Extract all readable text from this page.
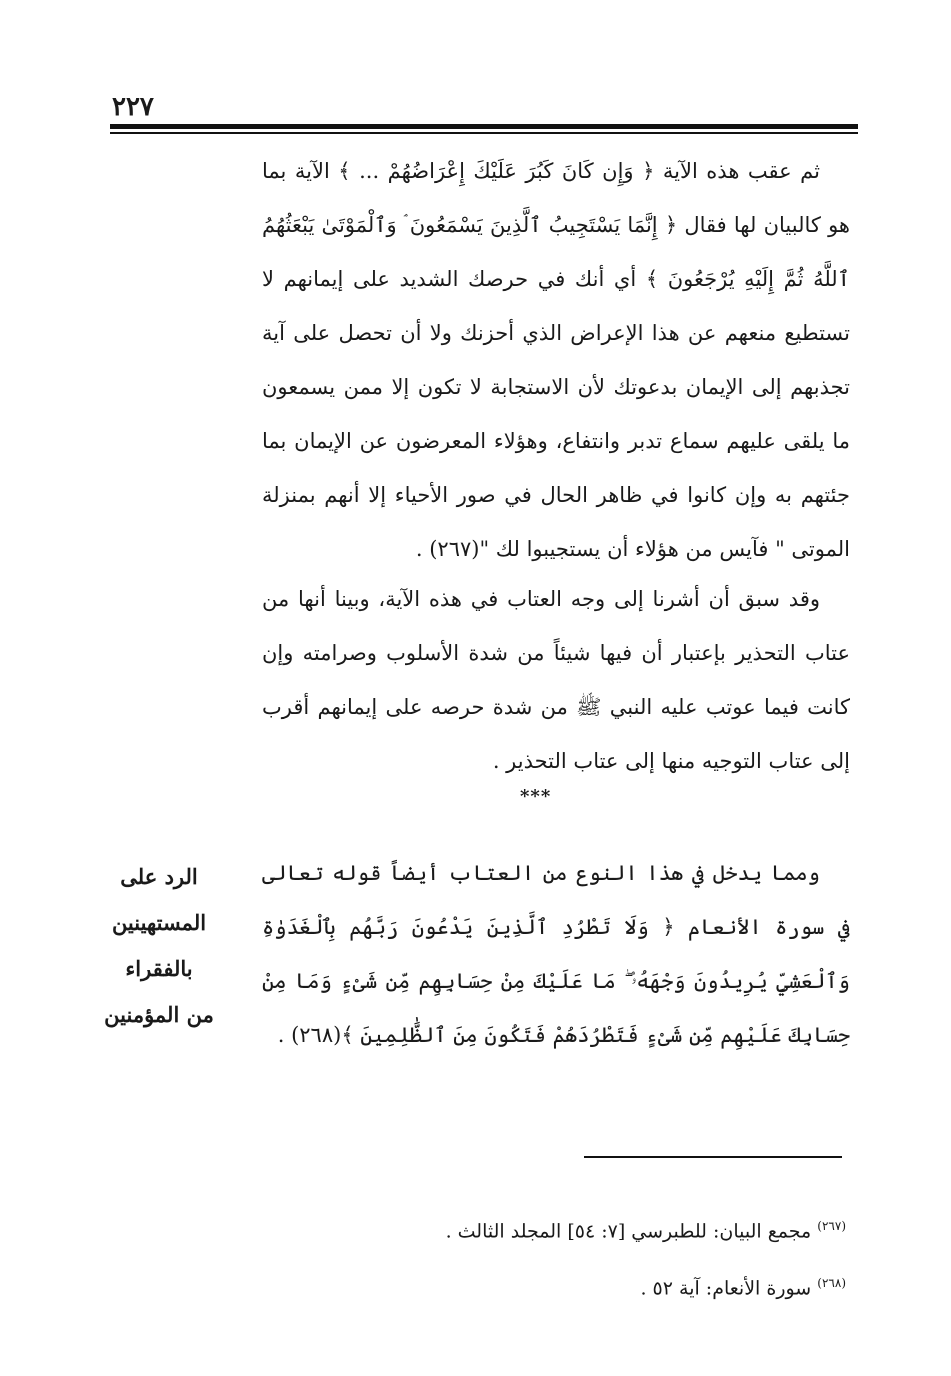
٢٢٧

ثم عقب هذه الآية ﴿ وَإِن كَانَ كَبُرَ عَلَيْكَ إِعْرَاضُهُمْ ... ﴾ الآية بما هو كالبيان لها فقال ﴿ إِنَّمَا يَسْتَجِيبُ ٱلَّذِينَ يَسْمَعُونَ ۘ وَٱلْمَوْتَىٰ يَبْعَثُهُمُ ٱللَّهُ ثُمَّ إِلَيْهِ يُرْجَعُونَ ﴾ أي أنك في حرصك الشديد على إيمانهم لا تستطيع منعهم عن هذا الإعراض الذي أحزنك ولا أن تحصل على آية تجذبهم إلى الإيمان بدعوتك لأن الاستجابة لا تكون إلا ممن يسمعون ما يلقى عليهم سماع تدبر وانتفاع، وهؤلاء المعرضون عن الإيمان بما جئتهم به وإن كانوا في ظاهر الحال في صور الأحياء إلا أنهم بمنزلة الموتى " فآيس من هؤلاء أن يستجيبوا لك "(٢٦٧) .

وقد سبق أن أشرنا إلى وجه العتاب في هذه الآية، وبينا أنها من عتاب التحذير بإعتبار أن فيها شيئاً من شدة الأسلوب وصرامته وإن كانت فيما عوتب عليه النبي ﷺ من شدة حرصه على إيمانهم أقرب إلى عتاب التوجيه منها إلى عتاب التحذير .

***

ومما يدخل في هذا النوع من العتاب أيضاً قوله تعالى في سورة الأنعام ﴿ وَلَا تَطْرُدِ ٱلَّذِينَ يَدْعُونَ رَبَّهُم بِٱلْغَدَوٰةِ وَٱلْعَشِيِّ يُرِيدُونَ وَجْهَهُۥ ۖ مَا عَلَيْكَ مِنْ حِسَابِهِم مِّن شَىْءٍ وَمَا مِنْ حِسَابِكَ عَلَيْهِم مِّن شَىْءٍ فَتَطْرُدَهُمْ فَتَكُونَ مِنَ ٱلظَّٰلِمِينَ ﴾(٢٦٨) .

الرد على
المستهينين
بالفقراء
من المؤمنين
$^{(٢٦٧)}$ مجمع البيان: للطبرسي [٧: ٥٤] المجلد الثالث .
$^{(٢٦٨)}$ سورة الأنعام: آية ٥٢ .
